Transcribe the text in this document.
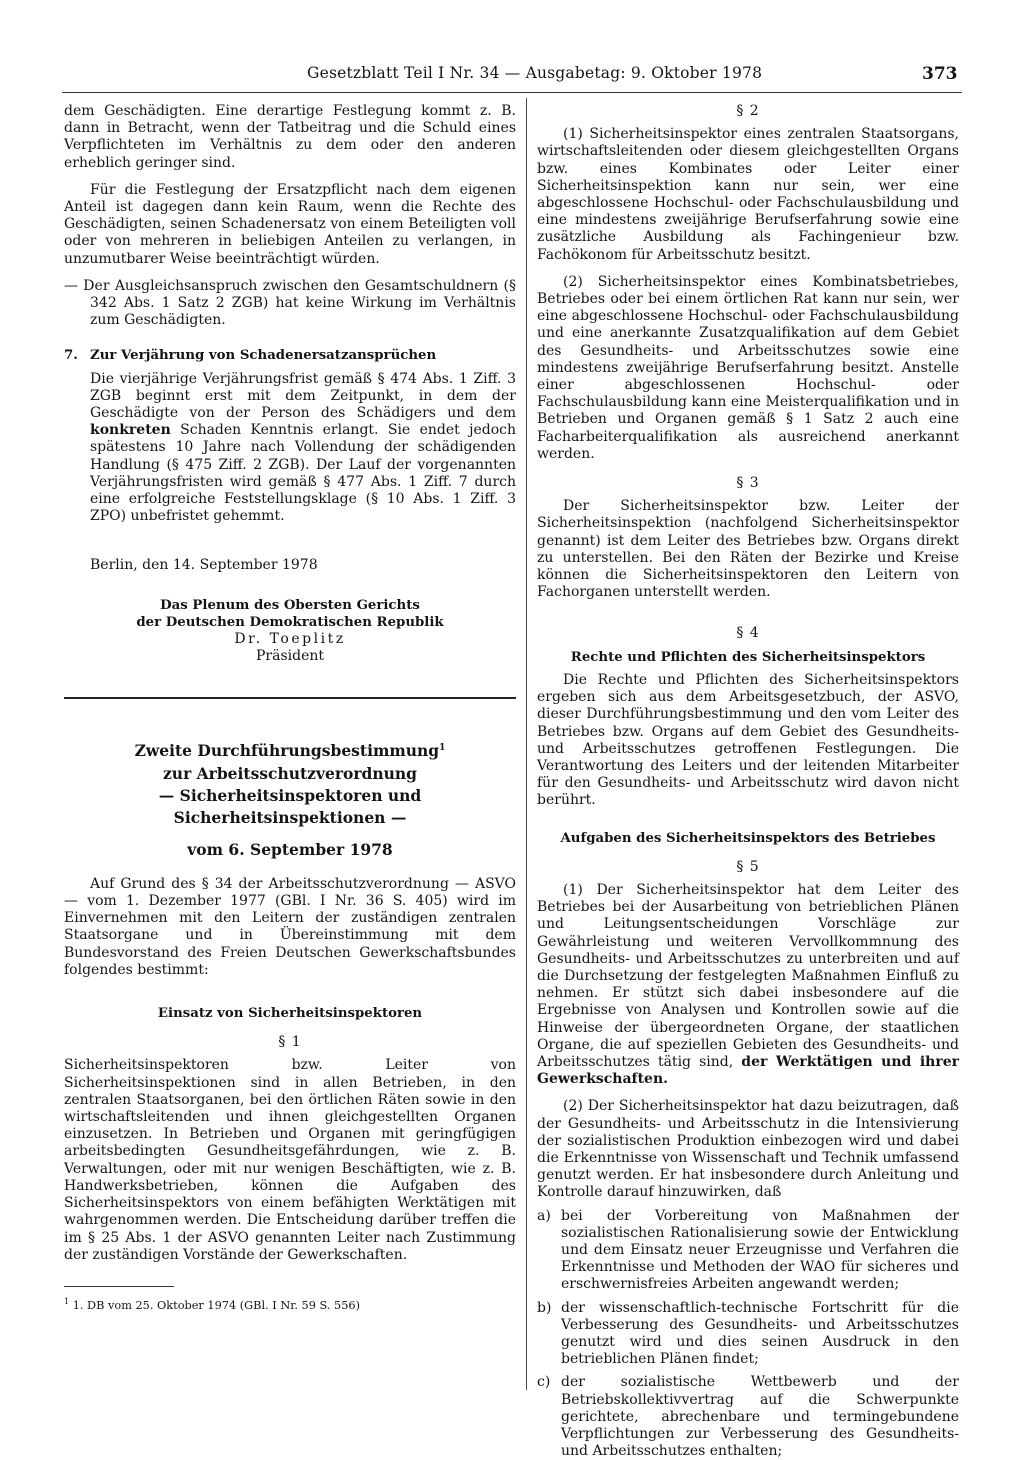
Gesetzblatt Teil I Nr. 34 — Ausgabetag: 9. Oktober 1978	373

dem Geschädigten. Eine derartige Festlegung kommt z. B. dann in Betracht, wenn der Tatbeitrag und die Schuld eines Verpflichteten im Verhältnis zu dem oder den anderen erheblich geringer sind.

Für die Festlegung der Ersatzpflicht nach dem eigenen Anteil ist dagegen dann kein Raum, wenn die Rechte des Geschädigten, seinen Schadenersatz von einem Beteiligten voll oder von mehreren in beliebigen Anteilen zu verlangen, in unzumutbarer Weise beeinträchtigt würden.

— Der Ausgleichsanspruch zwischen den Gesamtschuldnern (§ 342 Abs. 1 Satz 2 ZGB) hat keine Wirkung im Verhältnis zum Geschädigten.

7. Zur Verjährung von Schadenersatzansprüchen

Die vierjährige Verjährungsfrist gemäß § 474 Abs. 1 Ziff. 3 ZGB beginnt erst mit dem Zeitpunkt, in dem der Geschädigte von der Person des Schädigers und dem konkreten Schaden Kenntnis erlangt. Sie endet jedoch spätestens 10 Jahre nach Vollendung der schädigenden Handlung (§ 475 Ziff. 2 ZGB). Der Lauf der vorgenannten Verjährungsfristen wird gemäß § 477 Abs. 1 Ziff. 7 durch eine erfolgreiche Feststellungsklage (§ 10 Abs. 1 Ziff. 3 ZPO) unbefristet gehemmt.

Berlin, den 14. September 1978

Das Plenum des Obersten Gerichts
der Deutschen Demokratischen Republik
Dr. Toeplitz
Präsident
Zweite Durchführungsbestimmung$^1$
zur Arbeitsschutzverordnung
— Sicherheitsinspektoren und
Sicherheitsinspektionen —
vom 6. September 1978

Auf Grund des § 34 der Arbeitsschutzverordnung — ASVO — vom 1. Dezember 1977 (GBl. I Nr. 36 S. 405) wird im Einvernehmen mit den Leitern der zuständigen zentralen Staatsorgane und in Übereinstimmung mit dem Bundesvorstand des Freien Deutschen Gewerkschaftsbundes folgendes bestimmt:

Einsatz von Sicherheitsinspektoren
§ 1

Sicherheitsinspektoren bzw. Leiter von Sicherheitsinspektionen sind in allen Betrieben, in den zentralen Staatsorganen, bei den örtlichen Räten sowie in den wirtschaftsleitenden und ihnen gleichgestellten Organen einzusetzen. In Betrieben und Organen mit geringfügigen arbeitsbedingten Gesundheitsgefährdungen, wie z. B. Verwaltungen, oder mit nur wenigen Beschäftigten, wie z. B. Handwerksbetrieben, können die Aufgaben des Sicherheitsinspektors von einem befähigten Werktätigen mit wahrgenommen werden. Die Entscheidung darüber treffen die im § 25 Abs. 1 der ASVO genannten Leiter nach Zustimmung der zuständigen Vorstände der Gewerkschaften.

$^1$ 1. DB vom 25. Oktober 1974 (GBl. I Nr. 59 S. 556)
§ 2

(1) Sicherheitsinspektor eines zentralen Staatsorgans, wirtschaftsleitenden oder diesem gleichgestellten Organs bzw. eines Kombinates oder Leiter einer Sicherheitsinspektion kann nur sein, wer eine abgeschlossene Hochschul- oder Fachschulausbildung und eine mindestens zweijährige Berufserfahrung sowie eine zusätzliche Ausbildung als Fachingenieur bzw. Fachökonom für Arbeitsschutz besitzt.

(2) Sicherheitsinspektor eines Kombinatsbetriebes, Betriebes oder bei einem örtlichen Rat kann nur sein, wer eine abgeschlossene Hochschul- oder Fachschulausbildung und eine anerkannte Zusatzqualifikation auf dem Gebiet des Gesundheits- und Arbeitsschutzes sowie eine mindestens zweijährige Berufserfahrung besitzt. Anstelle einer abgeschlossenen Hochschul- oder Fachschulausbildung kann eine Meisterqualifikation und in Betrieben und Organen gemäß § 1 Satz 2 auch eine Facharbeiterqualifikation als ausreichend anerkannt werden.

§ 3

Der Sicherheitsinspektor bzw. Leiter der Sicherheitsinspektion (nachfolgend Sicherheitsinspektor genannt) ist dem Leiter des Betriebes bzw. Organs direkt zu unterstellen. Bei den Räten der Bezirke und Kreise können die Sicherheitsinspektoren den Leitern von Fachorganen unterstellt werden.

§ 4
Rechte und Pflichten des Sicherheitsinspektors

Die Rechte und Pflichten des Sicherheitsinspektors ergeben sich aus dem Arbeitsgesetzbuch, der ASVO, dieser Durchführungsbestimmung und den vom Leiter des Betriebes bzw. Organs auf dem Gebiet des Gesundheits- und Arbeitsschutzes getroffenen Festlegungen. Die Verantwortung des Leiters und der leitenden Mitarbeiter für den Gesundheits- und Arbeitsschutz wird davon nicht berührt.

Aufgaben des Sicherheitsinspektors des Betriebes
§ 5

(1) Der Sicherheitsinspektor hat dem Leiter des Betriebes bei der Ausarbeitung von betrieblichen Plänen und Leitungsentscheidungen Vorschläge zur Gewährleistung und weiteren Vervollkommnung des Gesundheits- und Arbeitsschutzes zu unterbreiten und auf die Durchsetzung der festgelegten Maßnahmen Einfluß zu nehmen. Er stützt sich dabei insbesondere auf die Ergebnisse von Analysen und Kontrollen sowie auf die Hinweise der übergeordneten Organe, der staatlichen Organe, die auf speziellen Gebieten des Gesundheits- und Arbeitsschutzes tätig sind, der Werktätigen und ihrer Gewerkschaften.

(2) Der Sicherheitsinspektor hat dazu beizutragen, daß der Gesundheits- und Arbeitsschutz in die Intensivierung der sozialistischen Produktion einbezogen wird und dabei die Erkenntnisse von Wissenschaft und Technik umfassend genutzt werden. Er hat insbesondere durch Anleitung und Kontrolle darauf hinzuwirken, daß

a) bei der Vorbereitung von Maßnahmen der sozialistischen Rationalisierung sowie der Entwicklung und dem Einsatz neuer Erzeugnisse und Verfahren die Erkenntnisse und Methoden der WAO für sicheres und erschwernisfreies Arbeiten angewandt werden;
b) der wissenschaftlich-technische Fortschritt für die Verbesserung des Gesundheits- und Arbeitsschutzes genutzt wird und dies seinen Ausdruck in den betrieblichen Plänen findet;
c) der sozialistische Wettbewerb und der Betriebskollektivvertrag auf die Schwerpunkte gerichtete, abrechenbare und termingebundene Verpflichtungen zur Verbesserung des Gesundheits- und Arbeitsschutzes enthalten;
